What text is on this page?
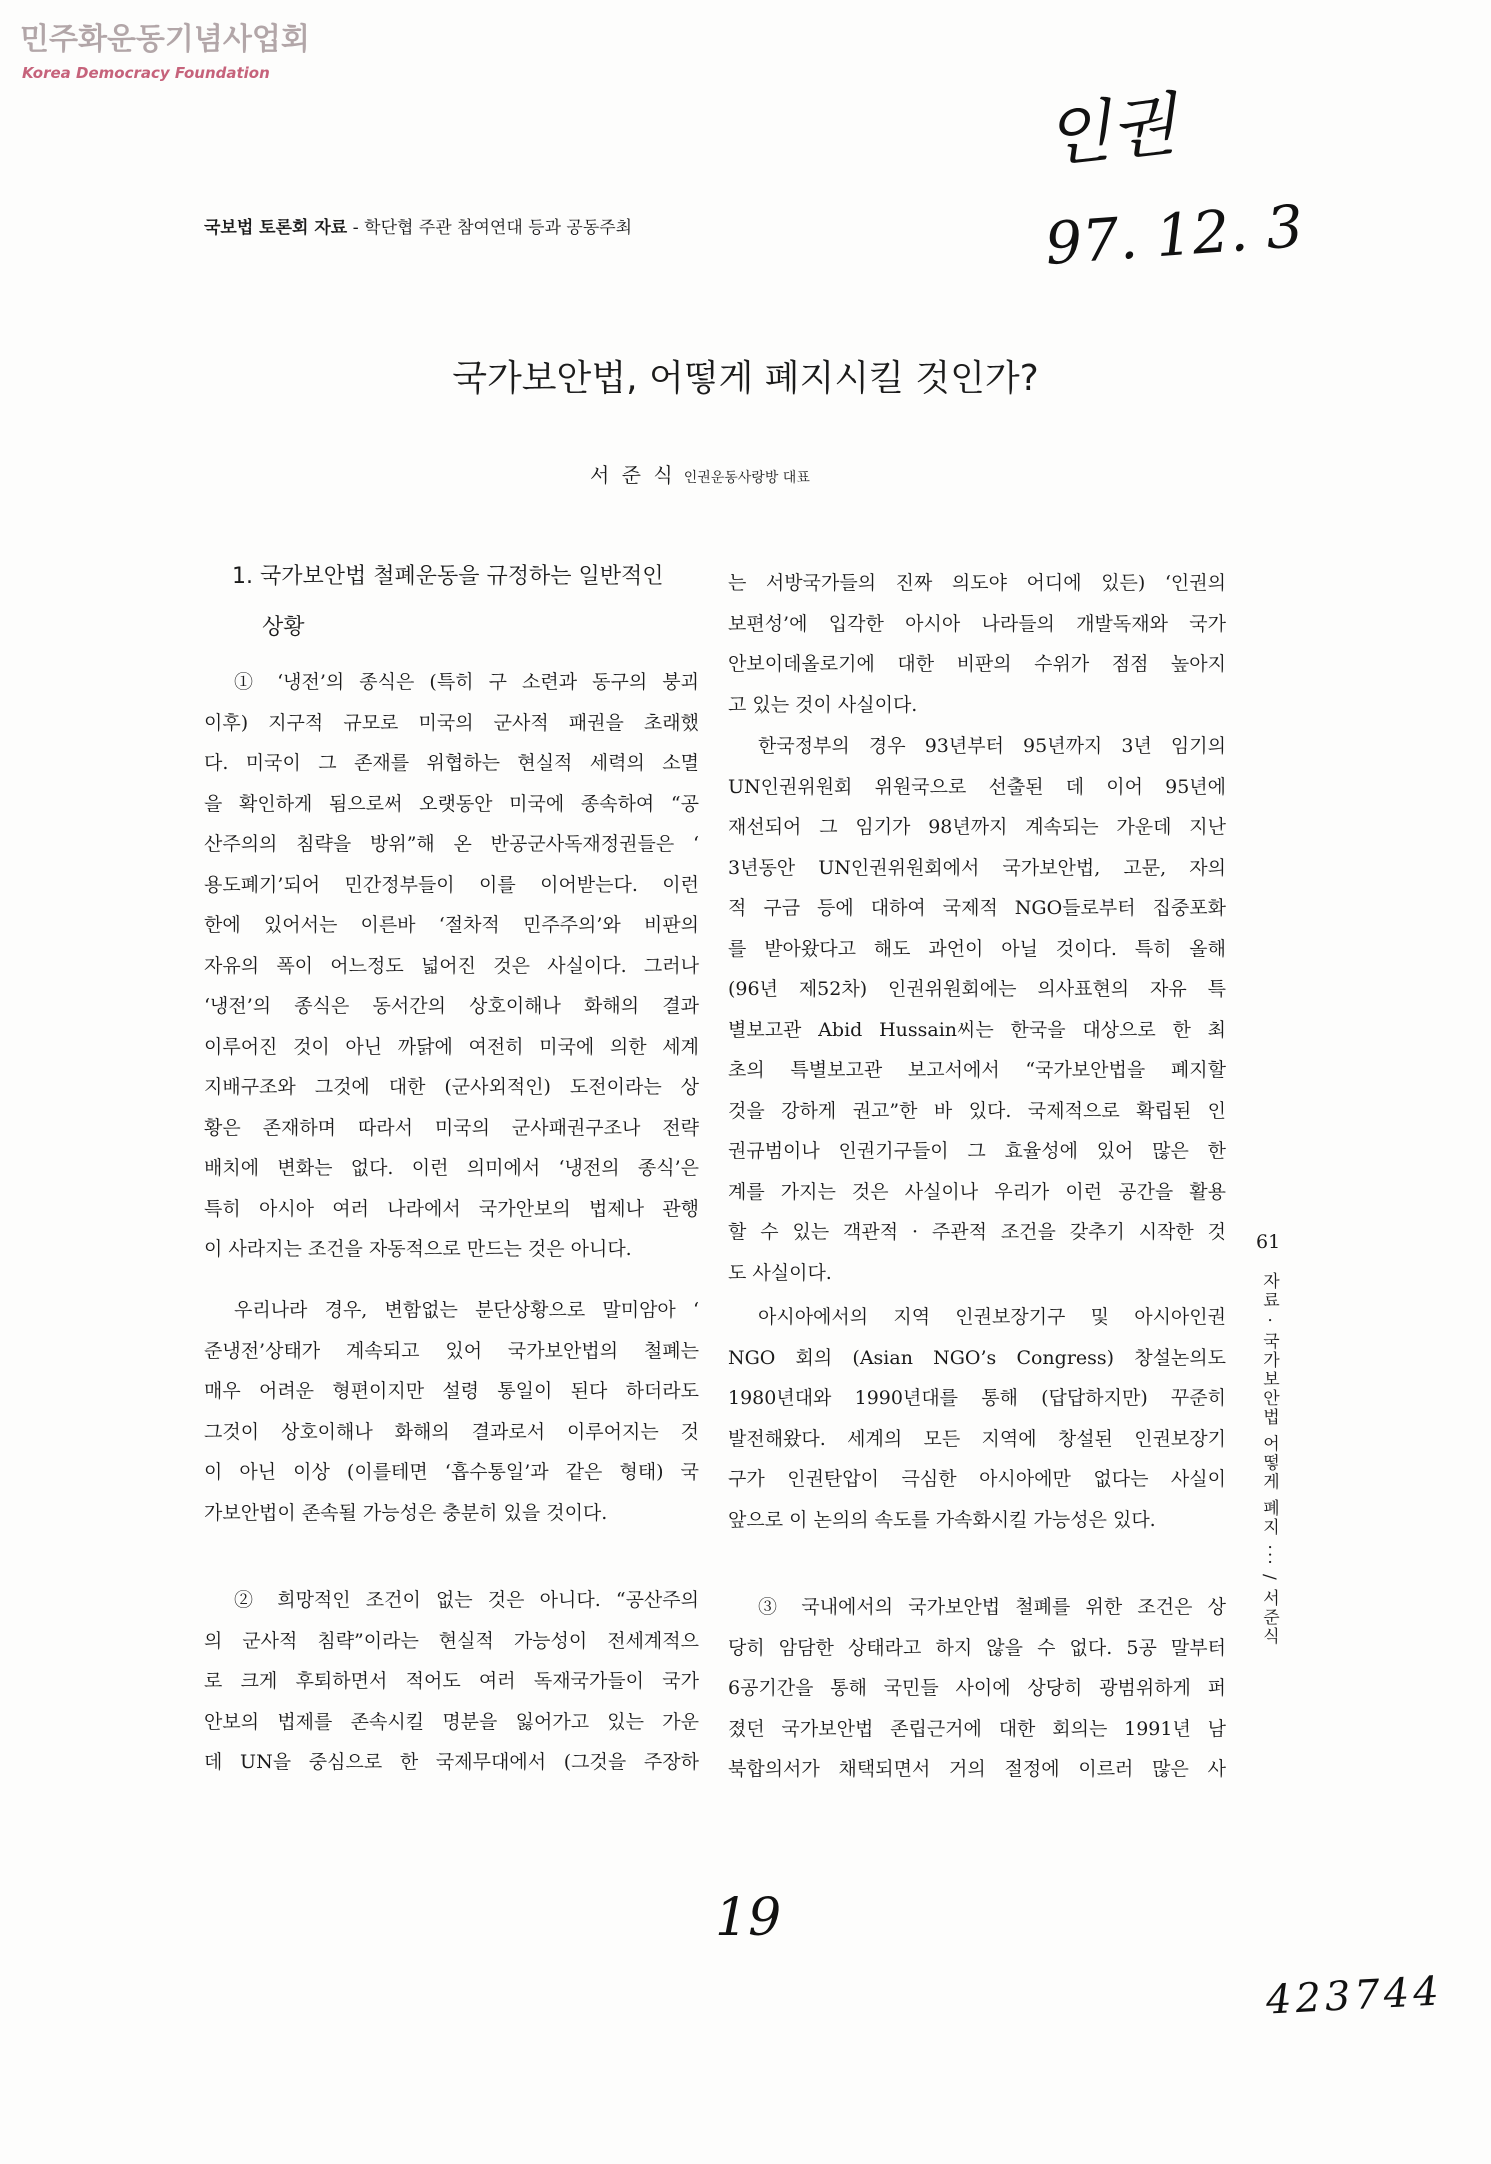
민주화운동기념사업회
Korea Democracy Foundation
인권
97. 12. 3
국보법 토론회 자료 - 학단협 주관 참여연대 등과 공동주최
국가보안법, 어떻게 폐지시킬 것인가?
서 준 식 인권운동사랑방 대표
1. 국가보안법 철폐운동을 규정하는 일반적인
상황
① ‘냉전’의 종식은 (특히 구 소련과 동구의 붕괴
이후) 지구적 규모로 미국의 군사적 패권을 초래했
다. 미국이 그 존재를 위협하는 현실적 세력의 소멸
을 확인하게 됨으로써 오랫동안 미국에 종속하여 “공
산주의의 침략을 방위”해 온 반공군사독재정권들은 ‘
용도폐기’되어 민간정부들이 이를 이어받는다. 이런
한에 있어서는 이른바 ‘절차적 민주주의’와 비판의
자유의 폭이 어느정도 넓어진 것은 사실이다. 그러나
‘냉전’의 종식은 동서간의 상호이해나 화해의 결과
이루어진 것이 아닌 까닭에 여전히 미국에 의한 세계
지배구조와 그것에 대한 (군사외적인) 도전이라는 상
황은 존재하며 따라서 미국의 군사패권구조나 전략
배치에 변화는 없다. 이런 의미에서 ‘냉전의 종식’은
특히 아시아 여러 나라에서 국가안보의 법제나 관행
이 사라지는 조건을 자동적으로 만드는 것은 아니다.
우리나라 경우, 변함없는 분단상황으로 말미암아 ‘
준냉전’상태가 계속되고 있어 국가보안법의 철폐는
매우 어려운 형편이지만 설령 통일이 된다 하더라도
그것이 상호이해나 화해의 결과로서 이루어지는 것
이 아닌 이상 (이를테면 ‘흡수통일’과 같은 형태) 국
가보안법이 존속될 가능성은 충분히 있을 것이다.
② 희망적인 조건이 없는 것은 아니다. “공산주의
의 군사적 침략”이라는 현실적 가능성이 전세계적으
로 크게 후퇴하면서 적어도 여러 독재국가들이 국가
안보의 법제를 존속시킬 명분을 잃어가고 있는 가운
데 UN을 중심으로 한 국제무대에서 (그것을 주장하
는 서방국가들의 진짜 의도야 어디에 있든) ‘인권의
보편성’에 입각한 아시아 나라들의 개발독재와 국가
안보이데올로기에 대한 비판의 수위가 점점 높아지
고 있는 것이 사실이다.
한국정부의 경우 93년부터 95년까지 3년 임기의
UN인권위원회 위원국으로 선출된 데 이어 95년에
재선되어 그 임기가 98년까지 계속되는 가운데 지난
3년동안 UN인권위원회에서 국가보안법, 고문, 자의
적 구금 등에 대하여 국제적 NGO들로부터 집중포화
를 받아왔다고 해도 과언이 아닐 것이다. 특히 올해
(96년 제52차) 인권위원회에는 의사표현의 자유 특
별보고관 Abid Hussain씨는 한국을 대상으로 한 최
초의 특별보고관 보고서에서 “국가보안법을 폐지할
것을 강하게 권고”한 바 있다. 국제적으로 확립된 인
권규범이나 인권기구들이 그 효율성에 있어 많은 한
계를 가지는 것은 사실이나 우리가 이런 공간을 활용
할 수 있는 객관적 · 주관적 조건을 갖추기 시작한 것
도 사실이다.
아시아에서의 지역 인권보장기구 및 아시아인권
NGO 회의 (Asian NGO’s Congress) 창설논의도
1980년대와 1990년대를 통해 (답답하지만) 꾸준히
발전해왔다. 세계의 모든 지역에 창설된 인권보장기
구가 인권탄압이 극심한 아시아에만 없다는 사실이
앞으로 이 논의의 속도를 가속화시킬 가능성은 있다.
③ 국내에서의 국가보안법 철폐를 위한 조건은 상
당히 암담한 상태라고 하지 않을 수 없다. 5공 말부터
6공기간을 통해 국민들 사이에 상당히 광범위하게 퍼
졌던 국가보안법 존립근거에 대한 회의는 1991년 남
북합의서가 채택되면서 거의 절정에 이르러 많은 사
61
자료 · 국가보안법 어떻게 폐지 ··· / 서준식
19
423744
